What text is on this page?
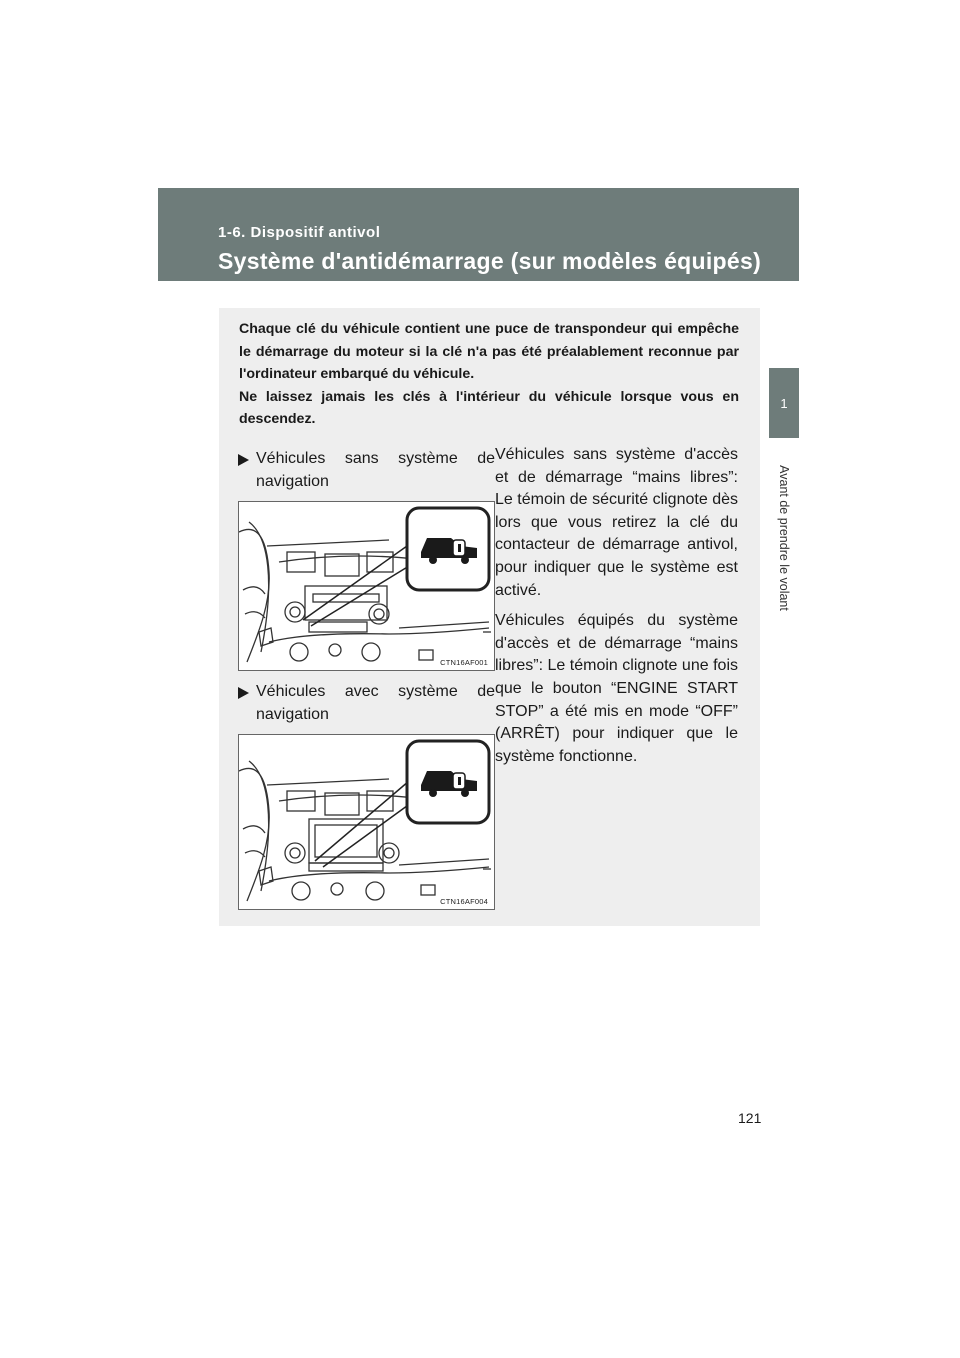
1-6. Dispositif antivol
Système d'antidémarrage (sur modèles équipés)
1
Avant de prendre le volant

Chaque clé du véhicule contient une puce de transpondeur qui empêche le démarrage du moteur si la clé n'a pas été préalablement reconnue par l'ordinateur embarqué du véhicule.

Ne laissez jamais les clés à l'intérieur du véhicule lorsque vous en descendez.

Véhicules sans système de navigation
CTN16AF001
Véhicules avec système de navigation
CTN16AF004

Véhicules sans système d'accès et de démarrage “mains libres”: Le témoin de sécurité clignote dès lors que vous retirez la clé du contacteur de démarrage antivol, pour indiquer que le système est activé.

Véhicules équipés du système d'accès et de démarrage “mains libres”: Le témoin clignote une fois que le bouton “ENGINE START STOP” a été mis en mode “OFF” (ARRÊT) pour indiquer que le système fonctionne.

121
